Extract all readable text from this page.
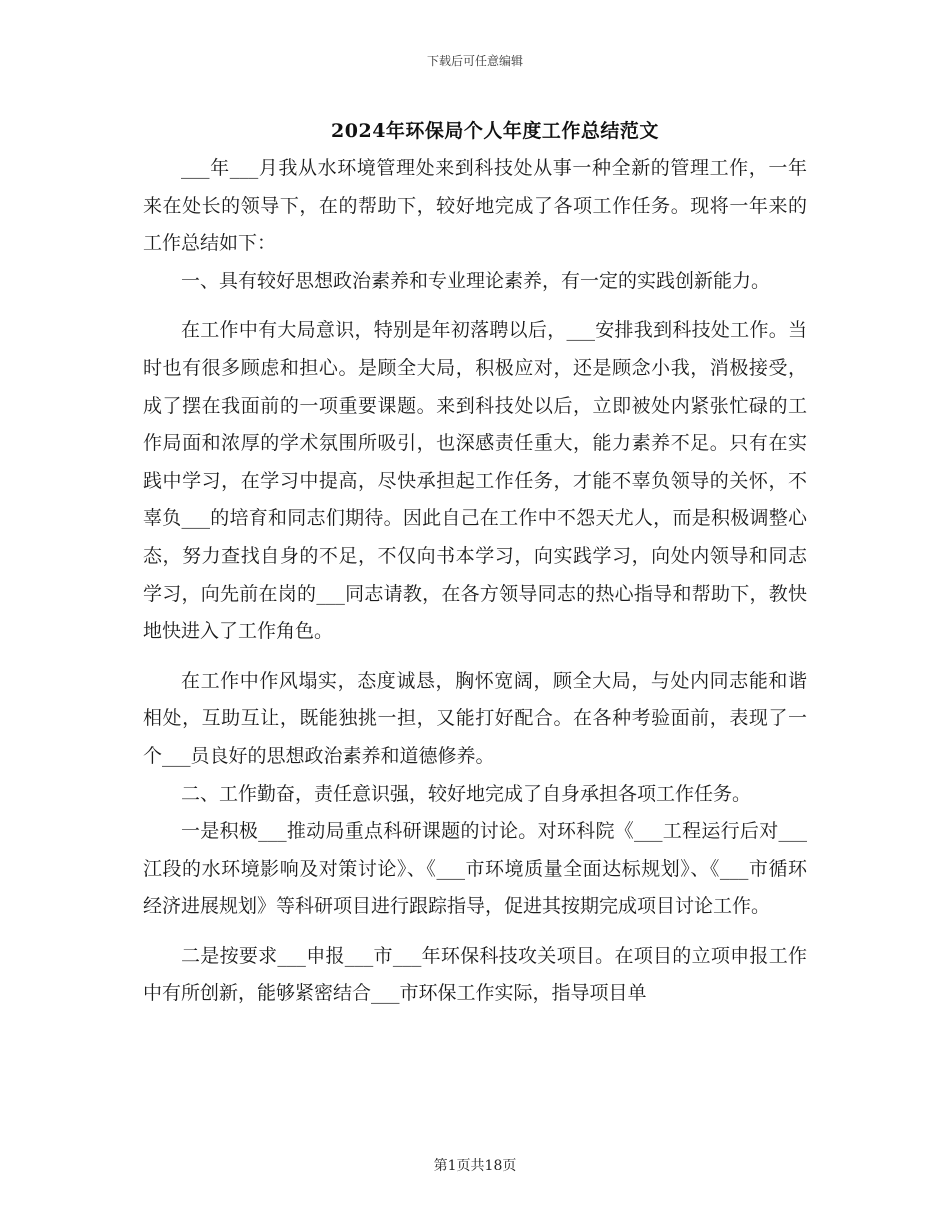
下载后可任意编辑
2024年环保局个人年度工作总结范文

___年___月我从水环境管理处来到科技处从事一种全新的管理工作，一年来在处长的领导下，在的帮助下，较好地完成了各项工作任务。现将一年来的工作总结如下：

一、具有较好思想政治素养和专业理论素养，有一定的实践创新能力。

在工作中有大局意识，特别是年初落聘以后，___安排我到科技处工作。当时也有很多顾虑和担心。是顾全大局，积极应对，还是顾念小我，消极接受，成了摆在我面前的一项重要课题。来到科技处以后，立即被处内紧张忙碌的工作局面和浓厚的学术氛围所吸引，也深感责任重大，能力素养不足。只有在实践中学习，在学习中提高，尽快承担起工作任务，才能不辜负领导的关怀，不辜负___的培育和同志们期待。因此自己在工作中不怨天尤人，而是积极调整心态，努力查找自身的不足，不仅向书本学习，向实践学习，向处内领导和同志学习，向先前在岗的___同志请教，在各方领导同志的热心指导和帮助下，教快地快进入了工作角色。

在工作中作风塌实，态度诚恳，胸怀宽阔，顾全大局，与处内同志能和谐相处，互助互让，既能独挑一担，又能打好配合。在各种考验面前，表现了一个___员良好的思想政治素养和道德修养。

二、工作勤奋，责任意识强，较好地完成了自身承担各项工作任务。

一是积极___推动局重点科研课题的讨论。对环科院《___工程运行后对___江段的水环境影响及对策讨论》、《___市环境质量全面达标规划》、《___市循环经济进展规划》等科研项目进行跟踪指导，促进其按期完成项目讨论工作。

二是按要求___申报___市___年环保科技攻关项目。在项目的立项申报工作中有所创新，能够紧密结合___市环保工作实际，指导项目单

第1页共18页
